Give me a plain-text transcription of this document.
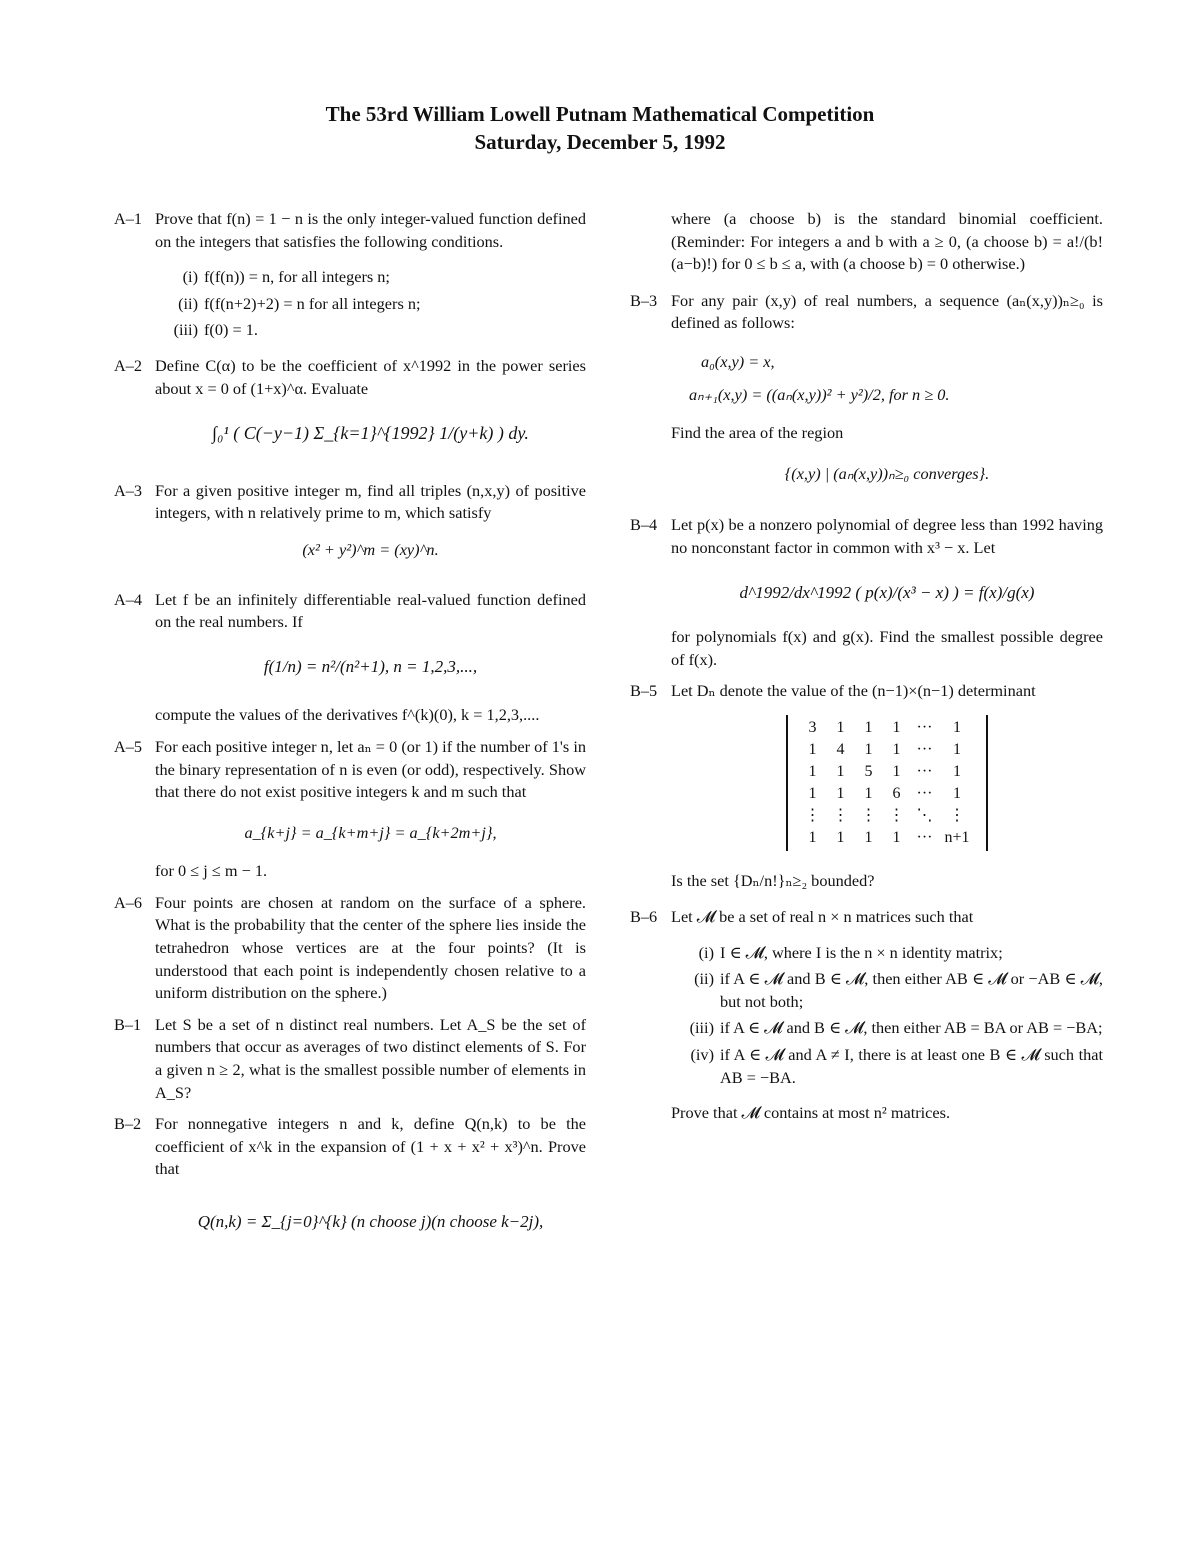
The 53rd William Lowell Putnam Mathematical Competition
Saturday, December 5, 1992
A–1 Prove that f(n) = 1 − n is the only integer-valued function defined on the integers that satisfies the following conditions.
(i) f(f(n)) = n, for all integers n;
(ii) f(f(n+2)+2) = n for all integers n;
(iii) f(0) = 1.
A–2 Define C(α) to be the coefficient of x^1992 in the power series about x = 0 of (1+x)^α. Evaluate
∫₀¹ ( C(−y−1) Σ_{k=1}^{1992} 1/(y+k) ) dy.
A–3 For a given positive integer m, find all triples (n,x,y) of positive integers, with n relatively prime to m, which satisfy
(x² + y²)^m = (xy)^n.
A–4 Let f be an infinitely differentiable real-valued function defined on the real numbers. If
f(1/n) = n²/(n²+1), n = 1,2,3,...,
compute the values of the derivatives f^(k)(0), k = 1,2,3,....
A–5 For each positive integer n, let aₙ = 0 (or 1) if the number of 1's in the binary representation of n is even (or odd), respectively. Show that there do not exist positive integers k and m such that
a_{k+j} = a_{k+m+j} = a_{k+2m+j},
for 0 ≤ j ≤ m − 1.
A–6 Four points are chosen at random on the surface of a sphere. What is the probability that the center of the sphere lies inside the tetrahedron whose vertices are at the four points? (It is understood that each point is independently chosen relative to a uniform distribution on the sphere.)
B–1 Let S be a set of n distinct real numbers. Let A_S be the set of numbers that occur as averages of two distinct elements of S. For a given n ≥ 2, what is the smallest possible number of elements in A_S?
B–2 For nonnegative integers n and k, define Q(n,k) to be the coefficient of x^k in the expansion of (1 + x + x² + x³)^n. Prove that
Q(n,k) = Σ_{j=0}^{k} (n choose j)(n choose k−2j),
where (a choose b) is the standard binomial coefficient. (Reminder: For integers a and b with a ≥ 0, (a choose b) = a!/(b!(a−b)!) for 0 ≤ b ≤ a, with (a choose b) = 0 otherwise.)
B–3 For any pair (x,y) of real numbers, a sequence (aₙ(x,y))ₙ≥₀ is defined as follows:
a₀(x,y) = x,
aₙ₊₁(x,y) = ((aₙ(x,y))² + y²)/2, for n ≥ 0.
Find the area of the region
{(x,y) | (aₙ(x,y))ₙ≥₀ converges}.
B–4 Let p(x) be a nonzero polynomial of degree less than 1992 having no nonconstant factor in common with x³ − x. Let
d^1992/dx^1992 ( p(x)/(x³ − x) ) = f(x)/g(x)
for polynomials f(x) and g(x). Find the smallest possible degree of f(x).
B–5 Let Dₙ denote the value of the (n−1)×(n−1) determinant
3	1	1	1	···	1
1	4	1	1	···	1
1	1	5	1	···	1
1	1	1	6	···	1
⋮	⋮	⋮	⋮	⋱	⋮
1	1	1	1	···	n+1
Is the set {Dₙ/n!}ₙ≥₂ bounded?
B–6 Let 𝓜 be a set of real n × n matrices such that
(i) I ∈ 𝓜, where I is the n × n identity matrix;
(ii) if A ∈ 𝓜 and B ∈ 𝓜, then either AB ∈ 𝓜 or −AB ∈ 𝓜, but not both;
(iii) if A ∈ 𝓜 and B ∈ 𝓜, then either AB = BA or AB = −BA;
(iv) if A ∈ 𝓜 and A ≠ I, there is at least one B ∈ 𝓜 such that AB = −BA.
Prove that 𝓜 contains at most n² matrices.
